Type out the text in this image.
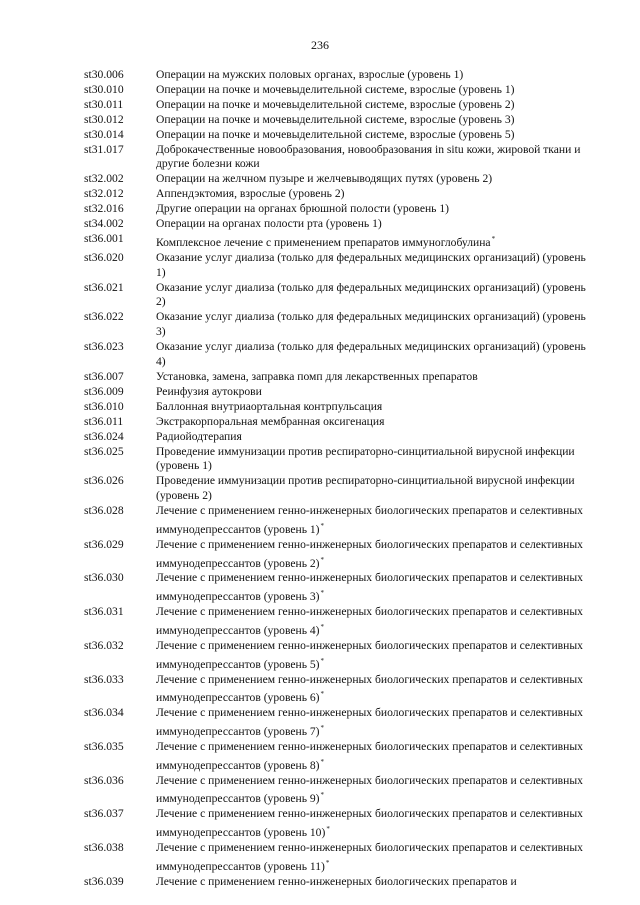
236
st30.006	Операции на мужских половых органах, взрослые (уровень 1)
st30.010	Операции на почке и мочевыделительной системе, взрослые (уровень 1)
st30.011	Операции на почке и мочевыделительной системе, взрослые (уровень 2)
st30.012	Операции на почке и мочевыделительной системе, взрослые (уровень 3)
st30.014	Операции на почке и мочевыделительной системе, взрослые (уровень 5)
st31.017	Доброкачественные новообразования, новообразования in situ кожи, жировой ткани и другие болезни кожи
st32.002	Операции на желчном пузыре и желчевыводящих путях (уровень 2)
st32.012	Аппендэктомия, взрослые (уровень 2)
st32.016	Другие операции на органах брюшной полости (уровень 1)
st34.002	Операции на органах полости рта (уровень 1)
st36.001	Комплексное лечение с применением препаратов иммуноглобулина*
st36.020	Оказание услуг диализа (только для федеральных медицинских организаций) (уровень 1)
st36.021	Оказание услуг диализа (только для федеральных медицинских организаций) (уровень 2)
st36.022	Оказание услуг диализа (только для федеральных медицинских организаций) (уровень 3)
st36.023	Оказание услуг диализа (только для федеральных медицинских организаций) (уровень 4)
st36.007	Установка, замена, заправка помп для лекарственных препаратов
st36.009	Реинфузия аутокрови
st36.010	Баллонная внутриаортальная контрпульсация
st36.011	Экстракорпоральная мембранная оксигенация
st36.024	Радиойодтерапия
st36.025	Проведение иммунизации против респираторно-синцитиальной вирусной инфекции (уровень 1)
st36.026	Проведение иммунизации против респираторно-синцитиальной вирусной инфекции (уровень 2)
st36.028	Лечение с применением генно-инженерных биологических препаратов и селективных иммунодепрессантов (уровень 1)*
st36.029	Лечение с применением генно-инженерных биологических препаратов и селективных иммунодепрессантов (уровень 2)*
st36.030	Лечение с применением генно-инженерных биологических препаратов и селективных иммунодепрессантов (уровень 3)*
st36.031	Лечение с применением генно-инженерных биологических препаратов и селективных иммунодепрессантов (уровень 4)*
st36.032	Лечение с применением генно-инженерных биологических препаратов и селективных иммунодепрессантов (уровень 5)*
st36.033	Лечение с применением генно-инженерных биологических препаратов и селективных иммунодепрессантов (уровень 6)*
st36.034	Лечение с применением генно-инженерных биологических препаратов и селективных иммунодепрессантов (уровень 7)*
st36.035	Лечение с применением генно-инженерных биологических препаратов и селективных иммунодепрессантов (уровень 8)*
st36.036	Лечение с применением генно-инженерных биологических препаратов и селективных иммунодепрессантов (уровень 9)*
st36.037	Лечение с применением генно-инженерных биологических препаратов и селективных иммунодепрессантов (уровень 10)*
st36.038	Лечение с применением генно-инженерных биологических препаратов и селективных иммунодепрессантов (уровень 11)*
st36.039	Лечение с применением генно-инженерных биологических препаратов и
